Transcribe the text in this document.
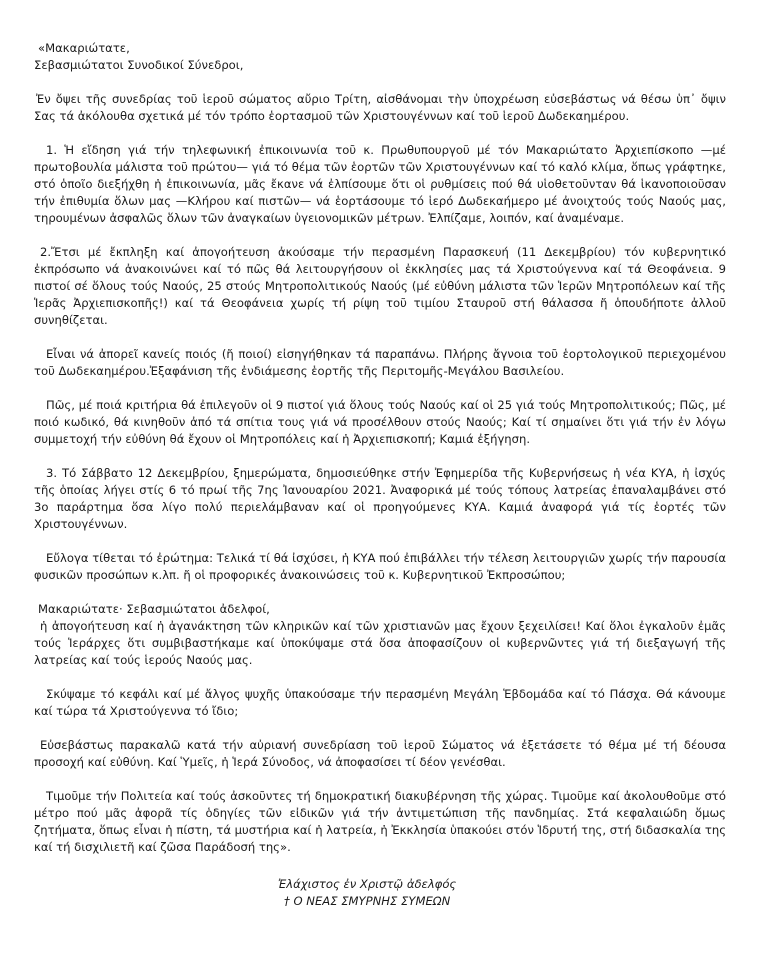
«Μακαριώτατε,

Σεβασμιώτατοι Συνοδικοί Σύνεδροι,

Ἐν ὄψει τῆς συνεδρίας τοῦ ἱεροῦ σώματος αὔριο Τρίτη, αἰσθάνομαι τὴν ὑποχρέωση εὐσεβάστως νά θέσω ὑπ᾽ ὄψιν Σας τά ἀκόλουθα σχετικά μέ τόν τρόπο ἑορτασμοῦ τῶν Χριστουγέννων καί τοῦ ἱεροῦ Δωδεκαημέρου.

1. Ἡ εἴδηση γιά τήν τηλεφωνική ἐπικοινωνία τοῦ κ. Πρωθυπουργοῦ μέ τόν Μακαριώτατο Ἀρχιεπίσκοπο —μέ πρωτοβουλία μάλιστα τοῦ πρώτου— γιά τό θέμα τῶν ἑορτῶν τῶν Χριστουγέννων καί τό καλό κλίμα, ὅπως γράφτηκε, στό ὁποῖο διεξήχθη ἡ ἐπικοινωνία, μᾶς ἔκανε νά ἐλπίσουμε ὅτι οἱ ρυθμίσεις πού θά υἱοθετοῦνταν θά ἱκανοποιοῦσαν τήν ἐπιθυμία ὅλων μας —Κλήρου καί πιστῶν— νά ἑορτάσουμε τό ἱερό Δωδεκαήμερο μέ ἀνοιχτούς τούς Ναούς μας, τηρουμένων ἀσφαλῶς ὅλων τῶν ἀναγκαίων ὑγειονομικῶν μέτρων. Ἐλπίζαμε, λοιπόν, καί ἀναμέναμε.

2.Ἔτσι μέ ἔκπληξη καί ἀπογοήτευση ἀκούσαμε τήν περασμένη Παρασκευή (11 Δεκεμβρίου) τόν κυβερνητικό ἐκπρόσωπο νά ἀνακοινώνει καί τό πῶς θά λειτουργήσουν οἱ ἐκκλησίες μας τά Χριστούγεννα καί τά Θεοφάνεια. 9 πιστοί σέ ὅλους τούς Ναούς, 25 στούς Μητροπολιτικούς Ναούς (μέ εὐθύνη μάλιστα τῶν Ἱερῶν Μητροπόλεων καί τῆς Ἱερᾶς Ἀρχιεπισκοπῆς!) καί τά Θεοφάνεια χωρίς τή ρίψη τοῦ τιμίου Σταυροῦ στή θάλασσα ἤ ὁπουδήποτε ἀλλοῦ συνηθίζεται.

Εἶναι νά ἀπορεῖ κανείς ποιός (ἤ ποιοί) εἰσηγήθηκαν τά παραπάνω. Πλήρης ἄγνοια τοῦ ἑορτολογικοῦ περιεχομένου τοῦ Δωδεκαημέρου.Ἐξαφάνιση τῆς ἐνδιάμεσης ἑορτῆς τῆς Περιτομῆς-Μεγάλου Βασιλείου.

Πῶς, μέ ποιά κριτήρια θά ἐπιλεγοῦν οἱ 9 πιστοί γιά ὅλους τούς Ναούς καί οἱ 25 γιά τούς Μητροπολιτικούς; Πῶς, μέ ποιό κωδικό, θά κινηθοῦν ἀπό τά σπίτια τους γιά νά προσέλθουν στούς Ναούς; Καί τί σημαίνει ὅτι γιά τήν ἐν λόγω συμμετοχή τήν εὐθύνη θά ἔχουν οἱ Μητροπόλεις καί ἡ Ἀρχιεπισκοπή; Καμιά ἐξήγηση.

3. Τό Σάββατο 12 Δεκεμβρίου, ξημερώματα, δημοσιεύθηκε στήν Ἐφημερίδα τῆς Κυβερνήσεως ἡ νέα ΚΥΑ, ἡ ἰσχύς τῆς ὁποίας λήγει στίς 6 τό πρωί τῆς 7ης Ἰανουαρίου 2021. Ἀναφορικά μέ τούς τόπους λατρείας ἐπαναλαμβάνει στό 3ο παράρτημα ὅσα λίγο πολύ περιελάμβαναν καί οἱ προηγούμενες ΚΥΑ. Καμιά ἀναφορά γιά τίς ἑορτές τῶν Χριστουγέννων.

Εὔλογα τίθεται τό ἐρώτημα: Τελικά τί θά ἰσχύσει, ἡ ΚΥΑ πού ἐπιβάλλει τήν τέλεση λειτουργιῶν χωρίς τήν παρουσία φυσικῶν προσώπων κ.λπ. ἤ οἱ προφορικές ἀνακοινώσεις τοῦ κ. Κυβερνητικοῦ Ἐκπροσώπου;

Μακαριώτατε· Σεβασμιώτατοι ἀδελφοί,

ἡ ἀπογοήτευση καί ἡ ἀγανάκτηση τῶν κληρικῶν καί τῶν χριστιανῶν μας ἔχουν ξεχειλίσει! Καί ὅλοι ἐγκαλοῦν ἐμᾶς τούς Ἱεράρχες ὅτι συμβιβαστήκαμε καί ὑποκύψαμε στά ὅσα ἀποφασίζουν οἱ κυβερνῶντες γιά τή διεξαγωγή τῆς λατρείας καί τούς ἱερούς Ναούς μας.

Σκύψαμε τό κεφάλι καί μέ ἄλγος ψυχῆς ὑπακούσαμε τήν περασμένη Μεγάλη Ἑβδομάδα καί τό Πάσχα. Θά κάνουμε καί τώρα τά Χριστούγεννα τό ἴδιο;

Εὐσεβάστως παρακαλῶ κατά τήν αὐριανή συνεδρίαση τοῦ ἱεροῦ Σώματος νά ἐξετάσετε τό θέμα μέ τή δέουσα προσοχή καί εὐθύνη. Καί Ὑμεῖς, ἡ Ἱερά Σύνοδος, νά ἀποφασίσει τί δέον γενέσθαι.

Τιμοῦμε τήν Πολιτεία καί τούς ἀσκοῦντες τή δημοκρατική διακυβέρνηση τῆς χώρας. Τιμοῦμε καί ἀκολουθοῦμε στό μέτρο πού μᾶς ἀφορᾶ τίς ὁδηγίες τῶν εἰδικῶν γιά τήν ἀντιμετώπιση τῆς πανδημίας. Στά κεφαλαιώδη ὅμως ζητήματα, ὅπως εἶναι ἡ πίστη, τά μυστήρια καί ἡ λατρεία, ἡ Ἐκκλησία ὑπακούει στόν Ἱδρυτή της, στή διδασκαλία της καί τή δισχιλιετῆ καί ζῶσα Παράδοσή της».

Ἐλάχιστος ἐν Χριστῷ ἀδελφός
† Ο ΝΕΑΣ ΣΜΥΡΝΗΣ ΣΥΜΕΩΝ
